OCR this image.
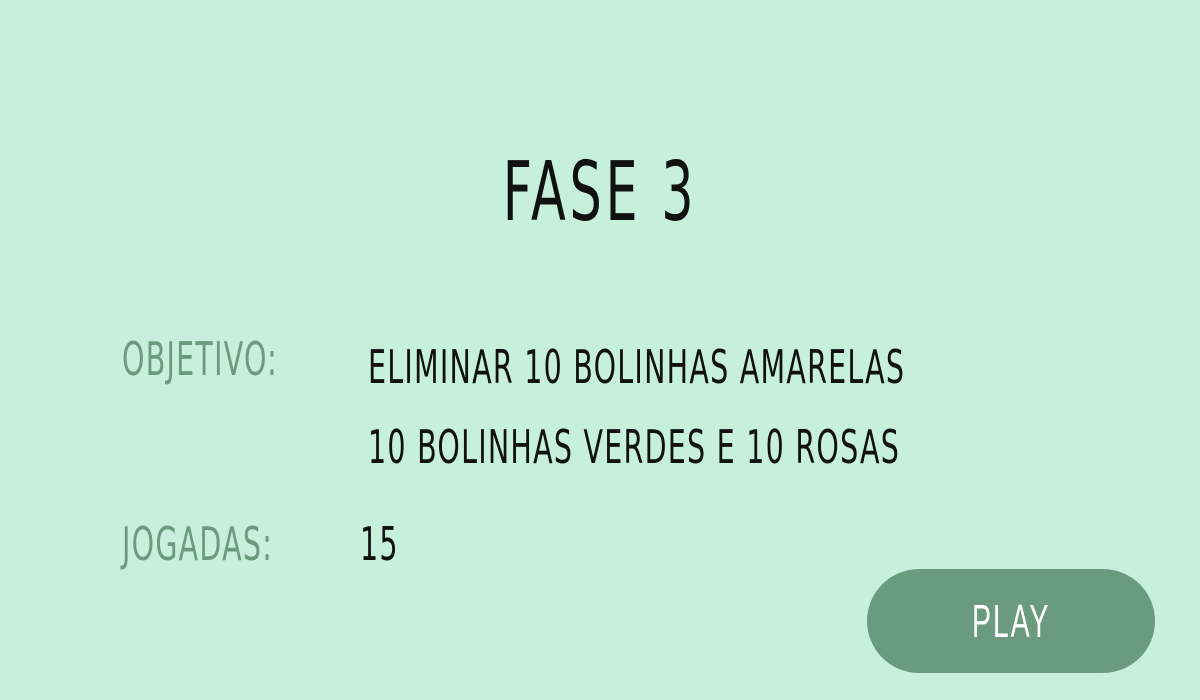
FASE 3
OBJETIVO:	ELIMINAR 10 BOLINHAS AMARELAS
10 BOLINHAS VERDES E 10 ROSAS
JOGADAS:	15
PLAY
